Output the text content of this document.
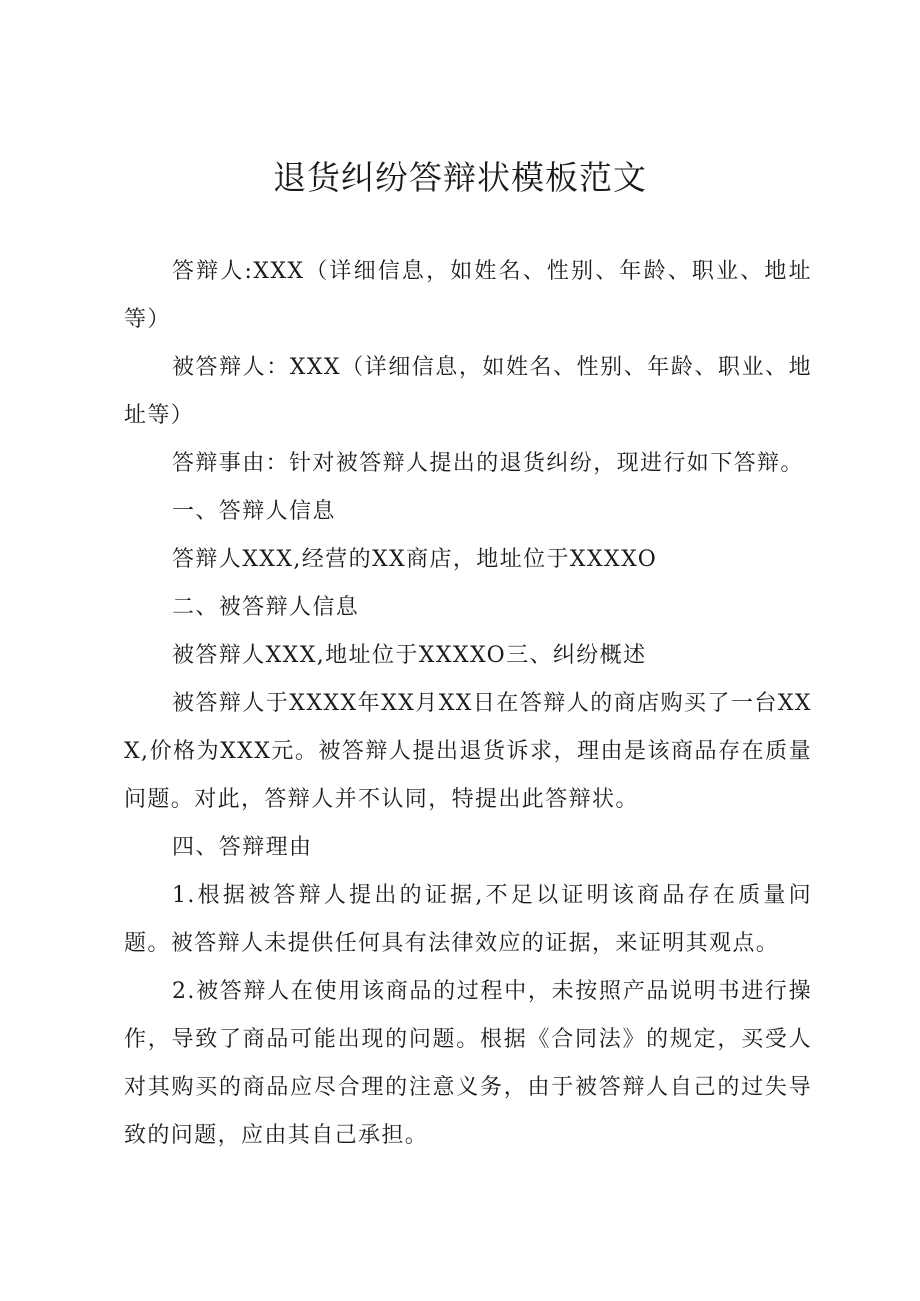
退货纠纷答辩状模板范文

答辩人:XXX（详细信息，如姓名、性别、年龄、职业、地址等）

被答辩人：XXX（详细信息，如姓名、性别、年龄、职业、地址等）

答辩事由：针对被答辩人提出的退货纠纷，现进行如下答辩。

一、答辩人信息

答辩人XXX,经营的XX商店，地址位于XXXXO

二、被答辩人信息

被答辩人XXX,地址位于XXXXO三、纠纷概述

被答辩人于XXXX年XX月XX日在答辩人的商店购买了一台XXX,价格为XXX元。被答辩人提出退货诉求，理由是该商品存在质量问题。对此，答辩人并不认同，特提出此答辩状。

四、答辩理由

1.根据被答辩人提出的证据,不足以证明该商品存在质量问题。被答辩人未提供任何具有法律效应的证据，来证明其观点。

2.被答辩人在使用该商品的过程中，未按照产品说明书进行操作，导致了商品可能出现的问题。根据《合同法》的规定，买受人对其购买的商品应尽合理的注意义务，由于被答辩人自己的过失导致的问题，应由其自己承担。
